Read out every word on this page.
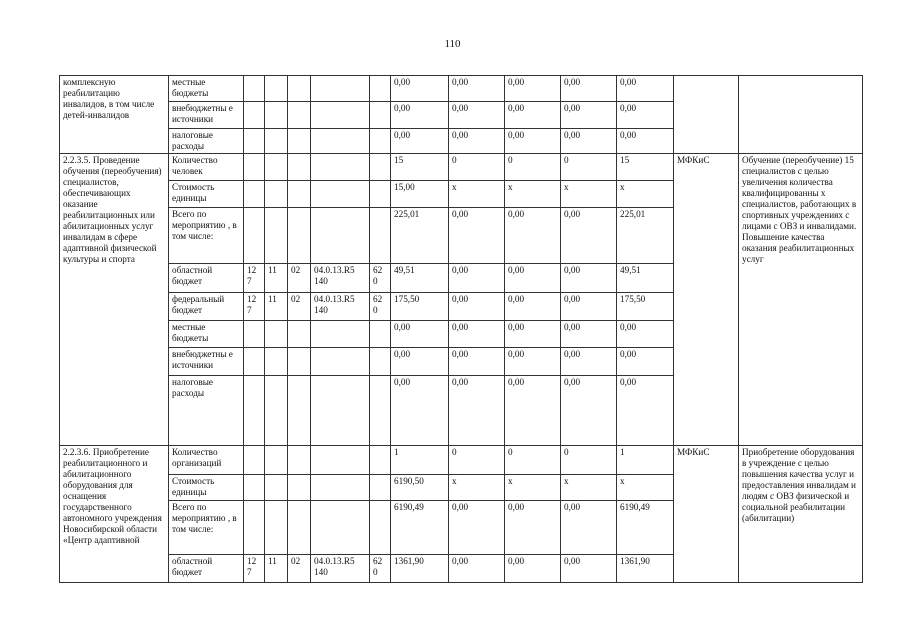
110
комплексную реабилитацию инвалидов, в том числе детей-инвалидов	местные бюджеты						0,00	0,00	0,00	0,00	0,00		
	внебюджетны е источники						0,00	0,00	0,00	0,00	0,00		
	налоговые расходы						0,00	0,00	0,00	0,00	0,00		
2.2.3.5. Проведение обучения (переобучения) специалистов, обеспечивающих оказание реабилитационных или абилитационных услуг инвалидам в сфере адаптивной физической культуры и спорта	Количество человек						15	0	0	0	15	МФКиС	Обучение (переобучение) 15 специалистов с целью увеличения количества квалифицированны х специалистов, работающих в спортивных учреждениях с лицами с ОВЗ и инвалидами. Повышение качества оказания реабилитационных услуг
	Стоимость единицы						15,00	х	х	х	х		
	Всего по мероприятию , в том числе:						225,01	0,00	0,00	0,00	225,01		
	областной бюджет	12 7	11	02	04.0.13.R5 140	62 0	49,51	0,00	0,00	0,00	49,51		
	федеральный бюджет	12 7	11	02	04.0.13.R5 140	62 0	175,50	0,00	0,00	0,00	175,50		
	местные бюджеты						0,00	0,00	0,00	0,00	0,00		
	внебюджетны е источники						0,00	0,00	0,00	0,00	0,00		
	налоговые расходы						0,00	0,00	0,00	0,00	0,00		
2.2.3.6. Приобретение реабилитационного и абилитационного оборудования для оснащения государственного автономного учреждения Новосибирской области «Центр адаптивной	Количество организаций						1	0	0	0	1	МФКиС	Приобретение оборудования в учреждение с целью повышения качества услуг и предоставления инвалидам и людям с ОВЗ физической и социальной реабилитации (абилитации)
	Стоимость единицы						6190,50	х	х	х	х		
	Всего по мероприятию , в том числе:						6190,49	0,00	0,00	0,00	6190,49		
	областной бюджет	12 7	11	02	04.0.13.R5 140	62 0	1361,90	0,00	0,00	0,00	1361,90		
